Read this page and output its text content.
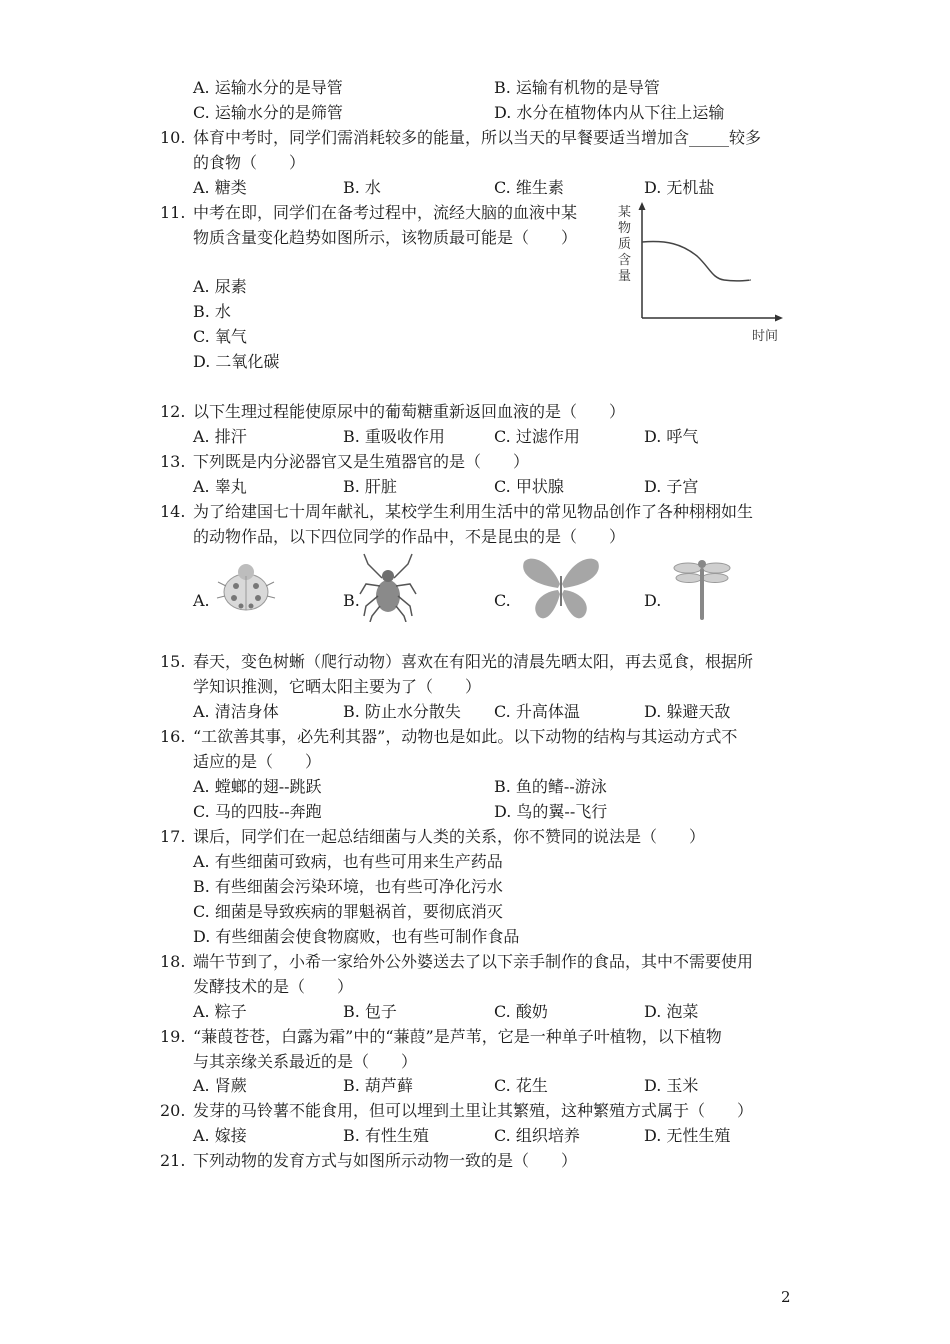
A. 运输水分的是导管	B. 运输有机物的是导管
C. 运输水分的是筛管	D. 水分在植物体内从下往上运输
10. 体育中考时，同学们需消耗较多的能量，所以当天的早餐要适当增加含_____较多
的食物（　　）
A. 糖类	B. 水	C. 维生素	D. 无机盐
11. 中考在即，同学们在备考过程中，流经大脑的血液中某
物质含量变化趋势如图所示，该物质最可能是（　　）
A. 尿素
B. 水
C. 氧气
D. 二氧化碳
某
物
质
含
量
时间
12. 以下生理过程能使原尿中的葡萄糖重新返回血液的是（　　）
A. 排汗	B. 重吸收作用	C. 过滤作用	D. 呼气
13. 下列既是内分泌器官又是生殖器官的是（　　）
A. 睾丸	B. 肝脏	C. 甲状腺	D. 子宫
14. 为了给建国七十周年献礼，某校学生利用生活中的常见物品创作了各种栩栩如生
的动物作品，以下四位同学的作品中，不是昆虫的是（　　）
A.	B.	C.	D.
15. 春天，变色树蜥（爬行动物）喜欢在有阳光的清晨先晒太阳，再去觅食，根据所
学知识推测，它晒太阳主要为了（　　）
A. 清洁身体	B. 防止水分散失 C. 升高体温	D. 躲避天敌
16. “工欲善其事，必先利其器”，动物也是如此。以下动物的结构与其运动方式不
适应的是（　　）
A. 螳螂的翅--跳跃	B. 鱼的鳍--游泳
C. 马的四肢--奔跑	D. 鸟的翼--飞行
17. 课后，同学们在一起总结细菌与人类的关系，你不赞同的说法是（　　）
A. 有些细菌可致病，也有些可用来生产药品
B. 有些细菌会污染环境，也有些可净化污水
C. 细菌是导致疾病的罪魁祸首，要彻底消灭
D. 有些细菌会使食物腐败，也有些可制作食品
18. 端午节到了，小希一家给外公外婆送去了以下亲手制作的食品，其中不需要使用
发酵技术的是（　　）
A. 粽子	B. 包子	C. 酸奶	D. 泡菜
19. “蒹葭苍苍，白露为霜”中的“蒹葭”是芦苇，它是一种单子叶植物，以下植物
与其亲缘关系最近的是（　　）
A. 肾蕨	B. 葫芦藓	C. 花生	D. 玉米
20. 发芽的马铃薯不能食用，但可以埋到土里让其繁殖，这种繁殖方式属于（　　）
A. 嫁接	B. 有性生殖	C. 组织培养	D. 无性生殖
21. 下列动物的发育方式与如图所示动物一致的是（　　）
2
